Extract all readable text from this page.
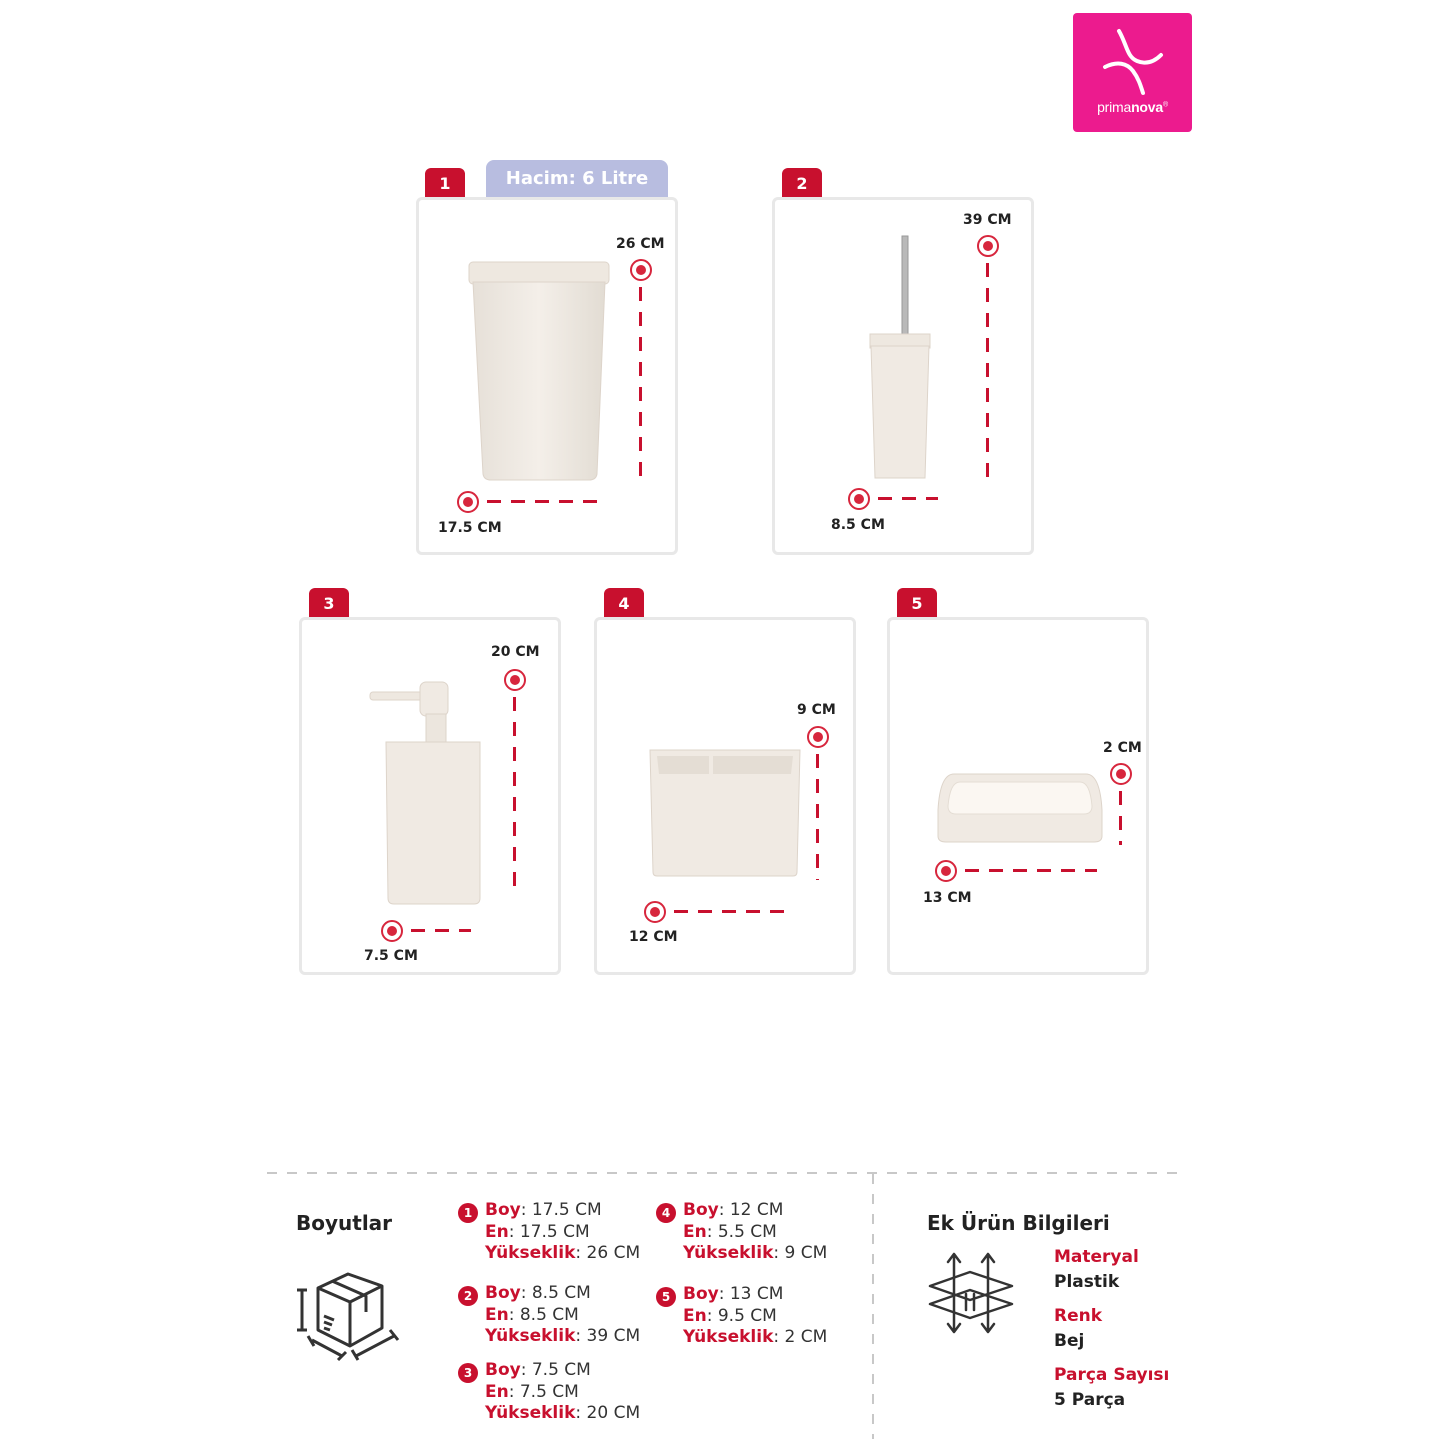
primanova®
Hacim: 6 Litre
1
26 CM
17.5 CM
2
39 CM
8.5 CM
3
20 CM
7.5 CM
4
9 CM
12 CM
5
2 CM
13 CM
Boyutlar	1 Boy: 17.5 CM
En: 17.5 CM
Yükseklik: 26 CM
2 Boy: 8.5 CM
En: 8.5 CM
Yükseklik: 39 CM
3 Boy: 7.5 CM
En: 7.5 CM
Yükseklik: 20 CM
4 Boy: 12 CM
En: 5.5 CM
Yükseklik: 9 CM
5 Boy: 13 CM
En: 9.5 CM
Yükseklik: 2 CM
Ek Ürün Bilgileri
Materyal
Plastik
Renk
Bej
Parça Sayısı
5 Parça
